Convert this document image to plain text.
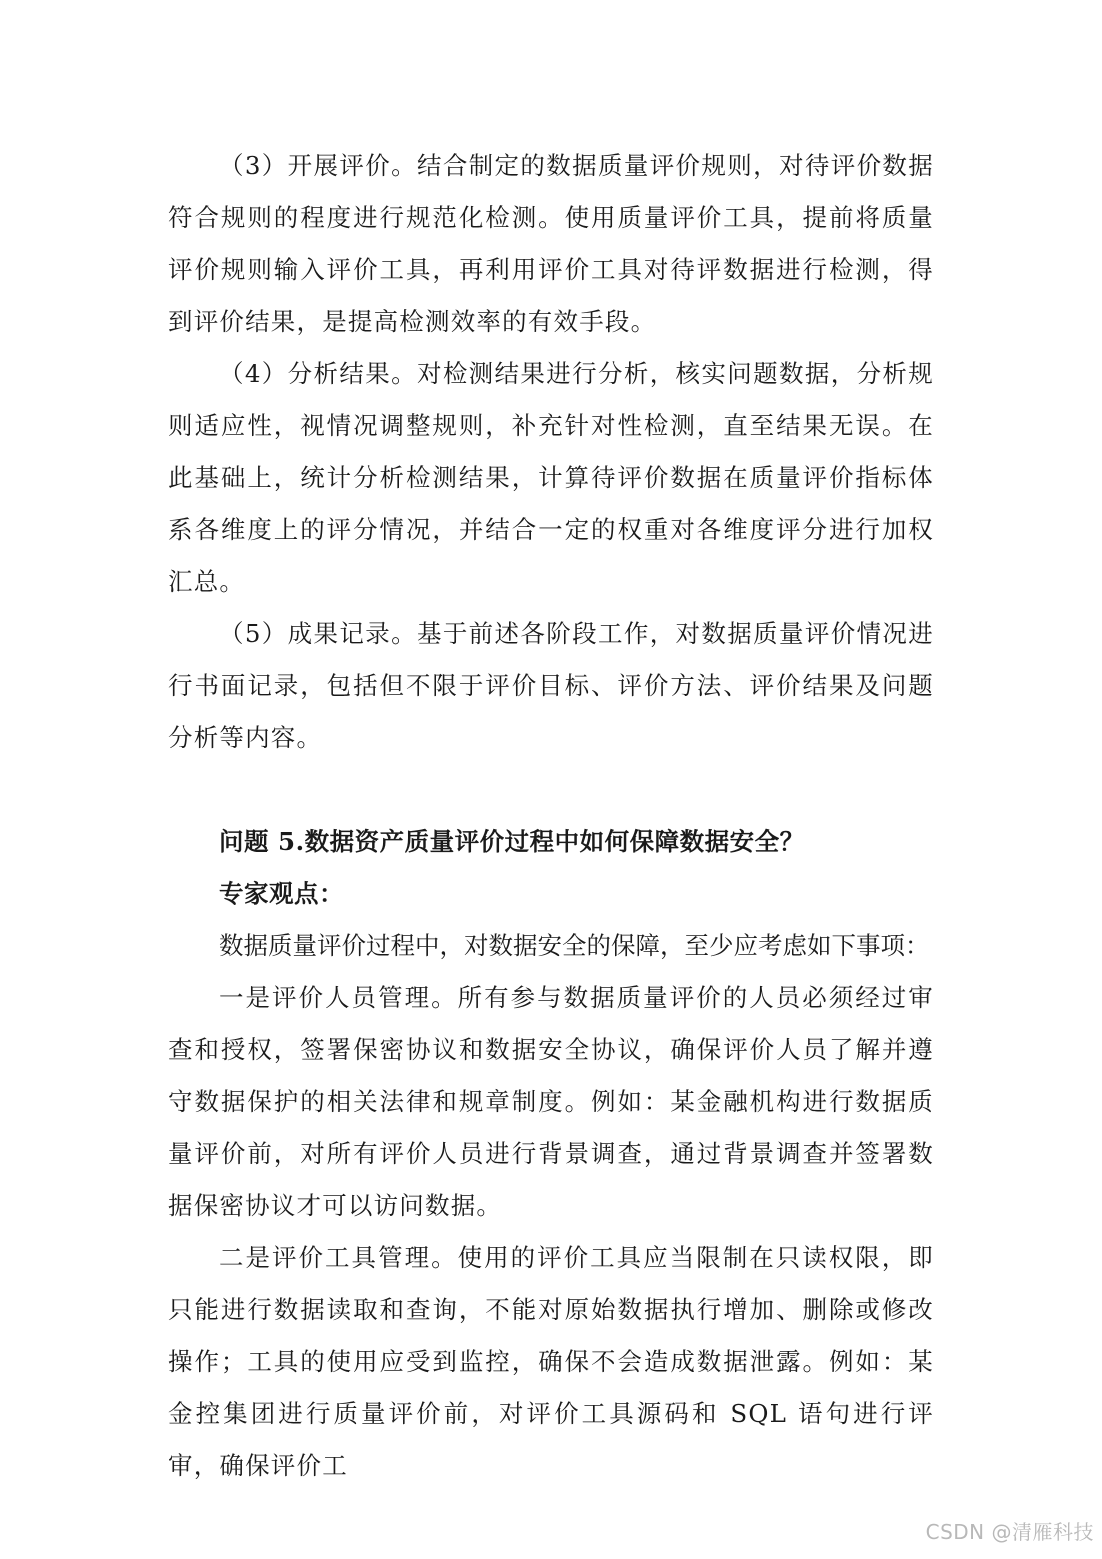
（3）开展评价。结合制定的数据质量评价规则，对待评价数据符合规则的程度进行规范化检测。使用质量评价工具，提前将质量评价规则输入评价工具，再利用评价工具对待评数据进行检测，得到评价结果，是提高检测效率的有效手段。

（4）分析结果。对检测结果进行分析，核实问题数据，分析规则适应性，视情况调整规则，补充针对性检测，直至结果无误。在此基础上，统计分析检测结果，计算待评价数据在质量评价指标体系各维度上的评分情况，并结合一定的权重对各维度评分进行加权汇总。

（5）成果记录。基于前述各阶段工作，对数据质量评价情况进行书面记录，包括但不限于评价目标、评价方法、评价结果及问题分析等内容。

问题 5.数据资产质量评价过程中如何保障数据安全？

专家观点：

数据质量评价过程中，对数据安全的保障，至少应考虑如下事项：

一是评价人员管理。所有参与数据质量评价的人员必须经过审查和授权，签署保密协议和数据安全协议，确保评价人员了解并遵守数据保护的相关法律和规章制度。例如：某金融机构进行数据质量评价前，对所有评价人员进行背景调查，通过背景调查并签署数据保密协议才可以访问数据。

二是评价工具管理。使用的评价工具应当限制在只读权限，即只能进行数据读取和查询，不能对原始数据执行增加、删除或修改操作；工具的使用应受到监控，确保不会造成数据泄露。例如：某金控集团进行质量评价前，对评价工具源码和 SQL 语句进行评审，确保评价工

CSDN @清雁科技
